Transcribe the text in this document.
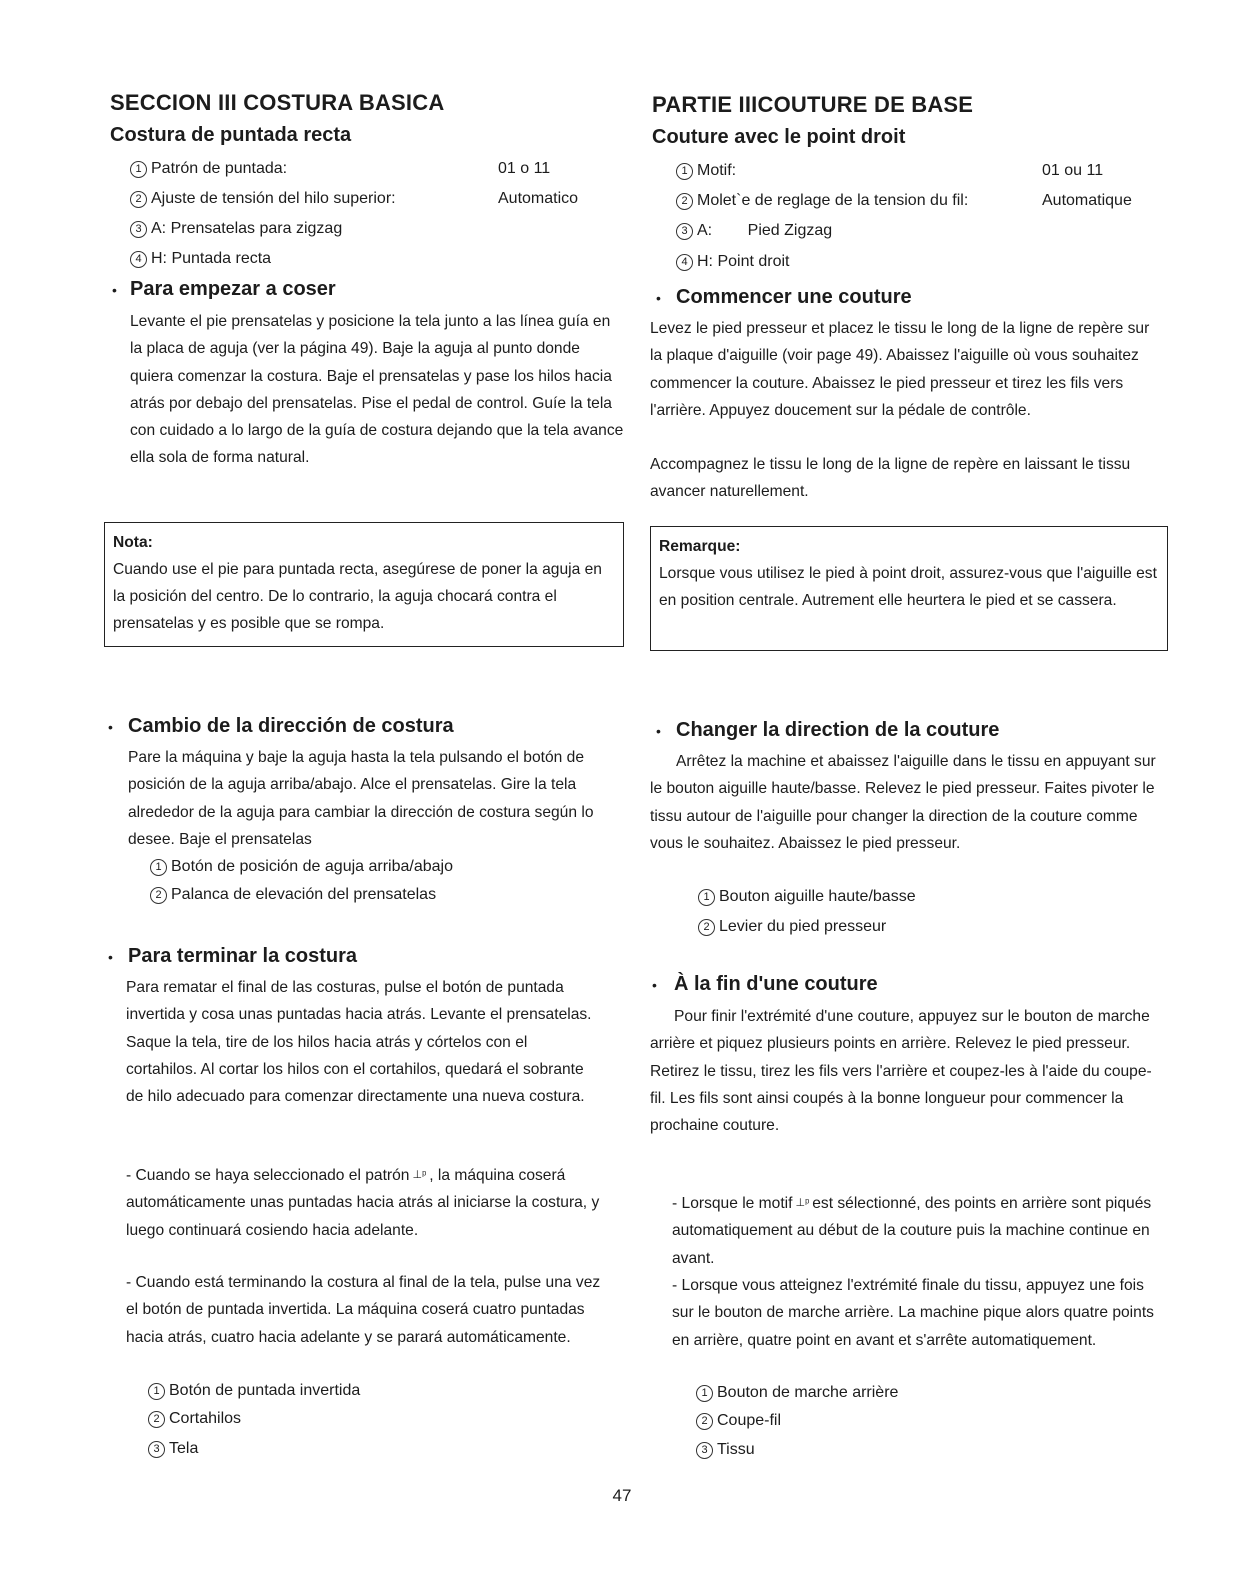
SECCION III COSTURA BASICA
Costura de puntada recta
1 Patrón de puntada:	01 o 11
2 Ajuste de tensión del hilo superior:	Automatico
3 A: Prensatelas para zigzag
4 H: Puntada recta
• Para empezar a coser
Levante el pie prensatelas y posicione la tela junto a las línea guía en la placa de aguja (ver la página 49). Baje la aguja al punto donde quiera comenzar la costura. Baje el prensatelas y pase los hilos hacia atrás por debajo del prensatelas. Pise el pedal de control. Guíe la tela con cuidado a lo largo de la guía de costura dejando que la tela avance ella sola de forma natural.
Nota:
Cuando use el pie para puntada recta, asegúrese de poner la aguja en la posición del centro. De lo contrario, la aguja chocará contra el prensatelas y es posible que se rompa.
• Cambio de la dirección de costura
Pare la máquina y baje la aguja hasta la tela pulsando el botón de posición de la aguja arriba/abajo. Alce el prensatelas. Gire la tela alrededor de la aguja para cambiar la dirección de costura según lo desee. Baje el prensatelas
1 Botón de posición de aguja arriba/abajo
2 Palanca de elevación del prensatelas
• Para terminar la costura
Para rematar el final de las costuras, pulse el botón de puntada invertida y cosa unas puntadas hacia atrás. Levante el prensatelas. Saque la tela, tire de los hilos hacia atrás y córtelos con el cortahilos. Al cortar los hilos con el cortahilos, quedará el sobrante de hilo adecuado para comenzar directamente una nueva costura.
- Cuando se haya seleccionado el patrón ⊥ᵖ , la máquina coserá automáticamente unas puntadas hacia atrás al iniciarse la costura, y luego continuará cosiendo hacia adelante.
- Cuando está terminando la costura al final de la tela, pulse una vez el botón de puntada invertida. La máquina coserá cuatro puntadas hacia atrás, cuatro hacia adelante y se parará automáticamente.
1 Botón de puntada invertida
2 Cortahilos
3 Tela
PARTIE IIICOUTURE DE BASE
Couture avec le point droit
1 Motif:	01 ou 11
2 Molet`e de reglage de la tension du fil:	Automatique
3 A:        Pied Zigzag
4 H: Point droit
• Commencer une couture
Levez le pied presseur et placez le tissu le long de la ligne de repère sur la plaque d'aiguille (voir page 49). Abaissez l'aiguille où vous souhaitez commencer la couture. Abaissez le pied presseur et tirez les fils vers l'arrière. Appuyez doucement sur la pédale de contrôle.
Accompagnez le tissu le long de la ligne de repère en laissant le tissu avancer naturellement.
Remarque:
Lorsque vous utilisez le pied à point droit, assurez-vous que l'aiguille est en position centrale. Autrement elle heurtera le pied et se cassera.
• Changer la direction de la couture
Arrêtez la machine et abaissez l'aiguille dans le tissu en appuyant sur le bouton aiguille haute/basse. Relevez le pied presseur. Faites pivoter le tissu autour de l'aiguille pour changer la direction de la couture comme vous le souhaitez. Abaissez le pied presseur.
1 Bouton aiguille haute/basse
2 Levier du pied presseur
• À la fin d'une couture
Pour finir l'extrémité d'une couture, appuyez sur le bouton de marche arrière et piquez plusieurs points en arrière. Relevez le pied presseur. Retirez le tissu, tirez les fils vers l'arrière et coupez-les à l'aide du coupe-fil. Les fils sont ainsi coupés à la bonne longueur pour commencer la prochaine couture.
- Lorsque le motif ⊥ᵖ est sélectionné, des points en arrière sont piqués automatiquement au début de la couture puis la machine continue en avant.
- Lorsque vous atteignez l'extrémité finale du tissu, appuyez une fois sur le bouton de marche arrière. La machine pique alors quatre points en arrière, quatre point en avant et s'arrête automatiquement.
1 Bouton de marche arrière
2 Coupe-fil
3 Tissu
47
